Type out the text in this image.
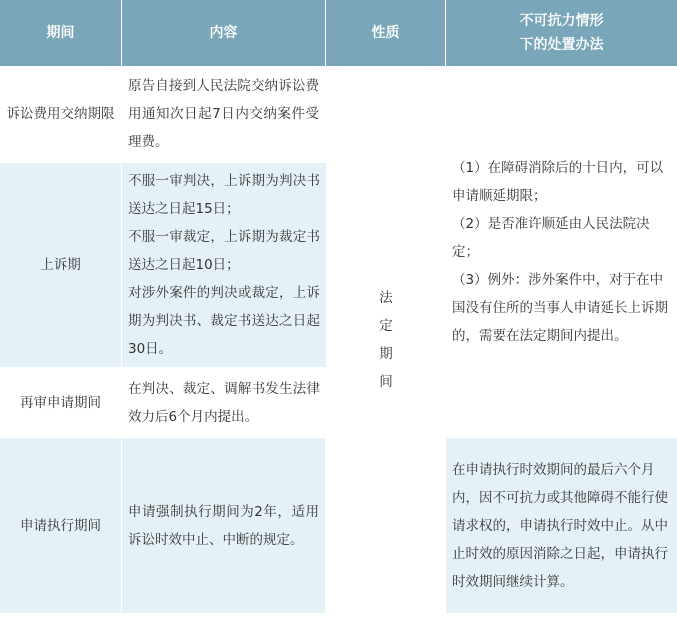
期间	内容	性质	不可抗力情形
下的处置办法

诉讼费用交纳期限	原告自接到人民法院交纳诉讼费用通知次日起7日内交纳案件受理费。	法定期间	（1）在障碍消除后的十日内，可以申请顺延期限；
（2）是否准许顺延由人民法院决定；
（3）例外：涉外案件中，对于在中国没有住所的当事人申请延长上诉期的，需要在法定期间内提出。

上诉期	不服一审判决，上诉期为判决书送达之日起15日；
不服一审裁定，上诉期为裁定书送达之日起10日；
对涉外案件的判决或裁定，上诉期为判决书、裁定书送达之日起30日。		

再审申请期间	在判决、裁定、调解书发生法律效力后6个月内提出。		

申请执行期间	申请强制执行期间为2年，适用诉讼时效中止、中断的规定。		在申请执行时效期间的最后六个月内，因不可抗力或其他障碍不能行使请求权的，申请执行时效中止。从中止时效的原因消除之日起，申请执行时效期间继续计算。
